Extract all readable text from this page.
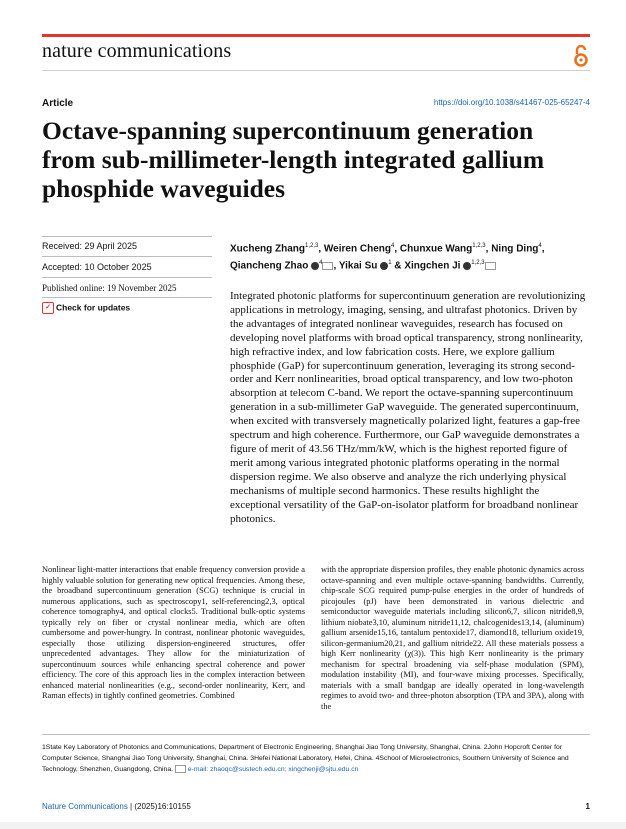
nature communications
Article	https://doi.org/10.1038/s41467-025-65247-4
Octave-spanning supercontinuum generation from sub-millimeter-length integrated gallium phosphide waveguides
Received: 29 April 2025
Accepted: 10 October 2025
Published online: 19 November 2025
✓ Check for updates
Xucheng Zhang$^{1,2,3}$, Weiren Cheng$^4$, Chunxue Wang$^{1,2,3}$, Ning Ding$^4$, Qiancheng Zhao $^4$ , Yikai Su $^1$ & Xingchen Ji $^{1,2,3}$
Integrated photonic platforms for supercontinuum generation are revolutionizing applications in metrology, imaging, sensing, and ultrafast photonics. Driven by the advantages of integrated nonlinear waveguides, research has focused on developing novel platforms with broad optical transparency, strong nonlinearity, high refractive index, and low fabrication costs. Here, we explore gallium phosphide (GaP) for supercontinuum generation, leveraging its strong second-order and Kerr nonlinearities, broad optical transparency, and low two-photon absorption at telecom C-band. We report the octave-spanning supercontinuum generation in a sub-millimeter GaP waveguide. The generated supercontinuum, when excited with transversely magnetically polarized light, features a gap-free spectrum and high coherence. Furthermore, our GaP waveguide demonstrates a figure of merit of 43.56 THz/mm/kW, which is the highest reported figure of merit among various integrated photonic platforms operating in the normal dispersion regime. We also observe and analyze the rich underlying physical mechanisms of multiple second harmonics. These results highlight the exceptional versatility of the GaP-on-isolator platform for broadband nonlinear photonics.
Nonlinear light-matter interactions that enable frequency conversion provide a highly valuable solution for generating new optical frequencies. Among these, the broadband supercontinuum generation (SCG) technique is crucial in numerous applications, such as spectroscopy1, self-referencing2,3, optical coherence tomography4, and optical clocks5. Traditional bulk-optic systems typically rely on fiber or crystal nonlinear media, which are often cumbersome and power-hungry. In contrast, nonlinear photonic waveguides, especially those utilizing dispersion-engineered structures, offer unprecedented advantages. They allow for the miniaturization of supercontinuum sources while enhancing spectral coherence and power efficiency. The core of this approach lies in the complex interaction between enhanced material nonlinearities (e.g., second-order nonlinearity, Kerr, and Raman effects) in tightly confined geometries. Combined
with the appropriate dispersion profiles, they enable photonic dynamics across octave-spanning and even multiple octave-spanning bandwidths. Currently, chip-scale SCG required pump-pulse energies in the order of hundreds of picojoules (pJ) have been demonstrated in various dielectric and semiconductor waveguide materials including silicon6,7, silicon nitride8,9, lithium niobate3,10, aluminum nitride11,12, chalcogenides13,14, (aluminum) gallium arsenide15,16, tantalum pentoxide17, diamond18, tellurium oxide19, silicon-germanium20,21, and gallium nitride22. All these materials possess a high Kerr nonlinearity (χ(3)). This high Kerr nonlinearity is the primary mechanism for spectral broadening via self-phase modulation (SPM), modulation instability (MI), and four-wave mixing processes. Specifically, materials with a small bandgap are ideally operated in long-wavelength regimes to avoid two- and three-photon absorption (TPA and 3PA), along with the
1State Key Laboratory of Photonics and Communications, Department of Electronic Engineering, Shanghai Jiao Tong University, Shanghai, China. 2John Hopcroft Center for Computer Science, Shanghai Jiao Tong University, Shanghai, China. 3Hefei National Laboratory, Hefei, China. 4School of Microelectronics, Southern University of Science and Technology, Shenzhen, Guangdong, China. e-mail: zhaoqc@sustech.edu.cn; xingchenji@sjtu.edu.cn
Nature Communications | (2025)16:10155	1
